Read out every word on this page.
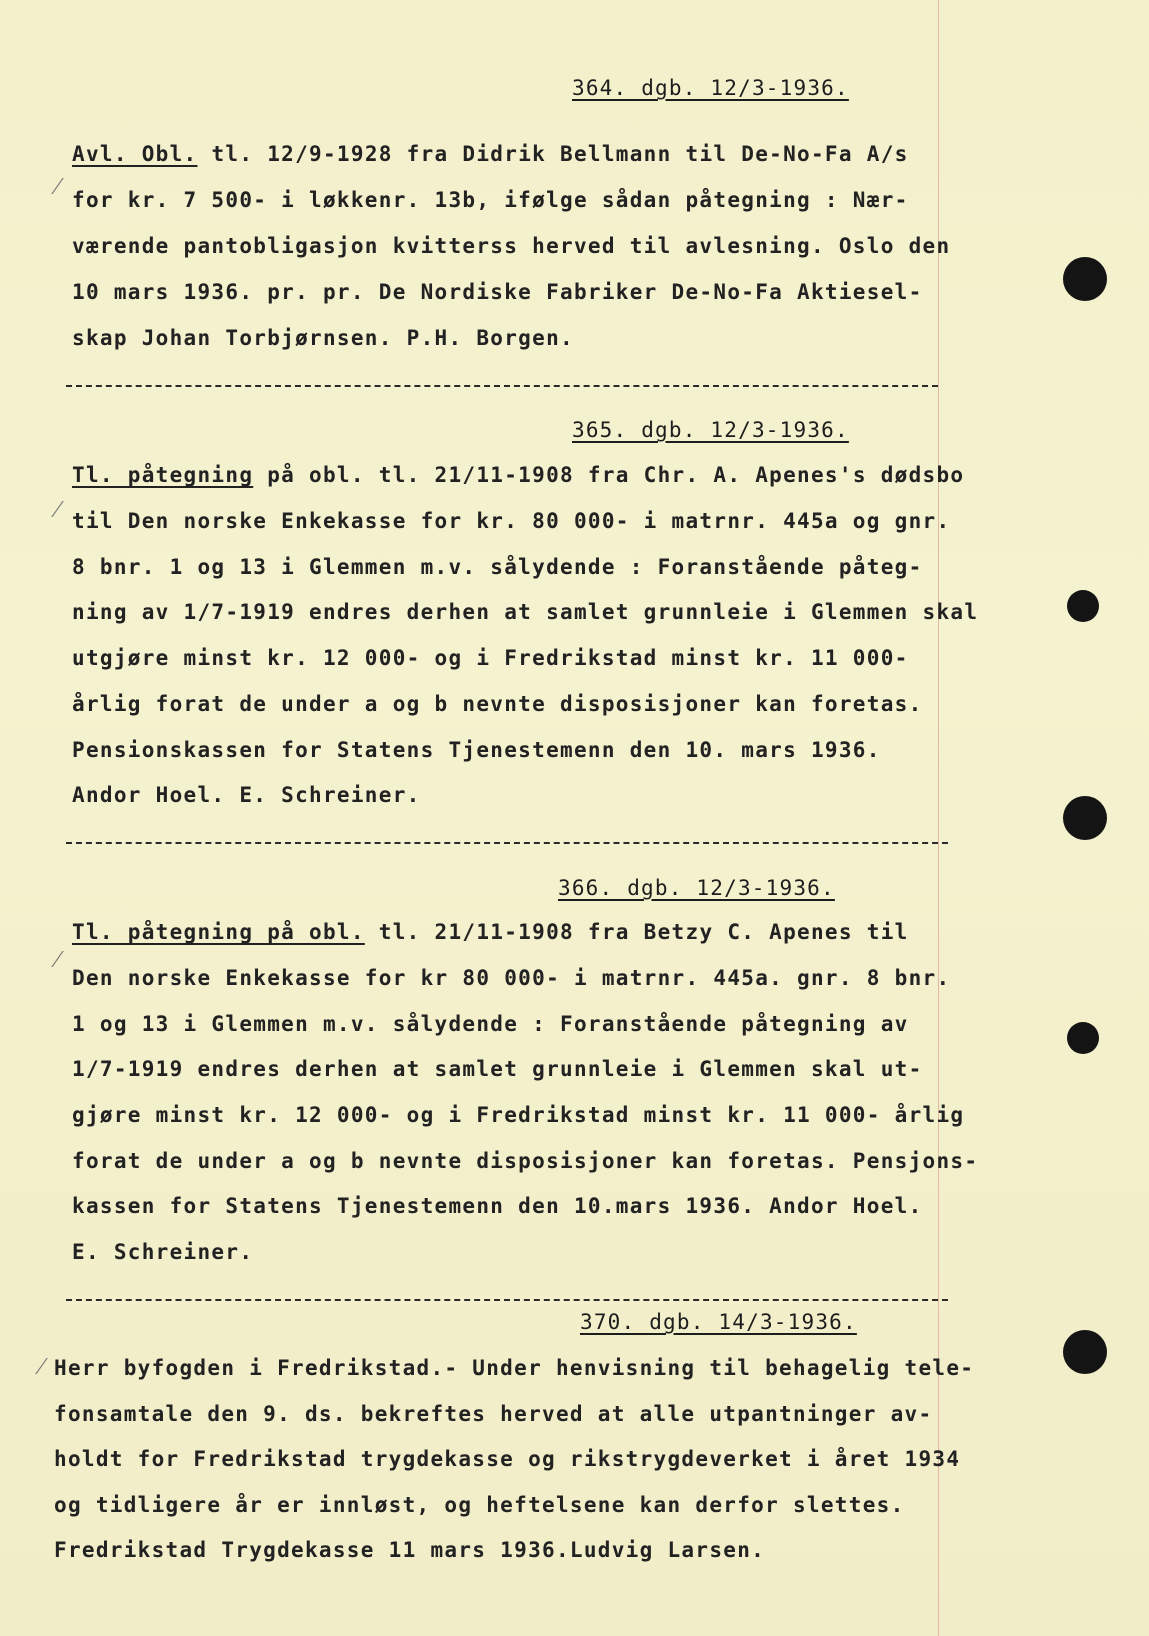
364. dgb. 12/3-1936.
⁄
Avl. Obl. tl. 12/9-1928 fra Didrik Bellmann til De-No-Fa A/s
for kr. 7 500- i løkkenr. 13b, ifølge sådan påtegning : Nær-
værende pantobligasjon kvitterss herved til avlesning. Oslo den
10 mars 1936. pr. pr. De Nordiske Fabriker De-No-Fa Aktiesel-
skap Johan Torbjørnsen. P.H. Borgen.
365. dgb. 12/3-1936.
⁄
Tl. påtegning på obl. tl. 21/11-1908 fra Chr. A. Apenes's dødsbo
til Den norske Enkekasse for kr. 80 000- i matrnr. 445a og gnr.
8 bnr. 1 og 13 i Glemmen m.v. sålydende : Foranstående påteg-
ning av 1/7-1919 endres derhen at samlet grunnleie i Glemmen skal
utgjøre minst kr. 12 000- og i Fredrikstad minst kr. 11 000-
årlig forat de under a og b nevnte disposisjoner kan foretas.
Pensionskassen for Statens Tjenestemenn den 10. mars 1936.
Andor Hoel. E. Schreiner.
366. dgb. 12/3-1936.
⁄
Tl. påtegning på obl. tl. 21/11-1908 fra Betzy C. Apenes til
Den norske Enkekasse for kr 80 000- i matrnr. 445a. gnr. 8 bnr.
1 og 13 i Glemmen m.v. sålydende : Foranstående påtegning av
1/7-1919 endres derhen at samlet grunnleie i Glemmen skal ut-
gjøre minst kr. 12 000- og i Fredrikstad minst kr. 11 000- årlig
forat de under a og b nevnte disposisjoner kan foretas. Pensjons-
kassen for Statens Tjenestemenn den 10.mars 1936. Andor Hoel.
E. Schreiner.
370. dgb. 14/3-1936.
⁄ Herr byfogden i Fredrikstad.- Under henvisning til behagelig tele-
fonsamtale den 9. ds. bekreftes herved at alle utpantninger av-
holdt for Fredrikstad trygdekasse og rikstrygdeverket i året 1934
og tidligere år er innløst, og heftelsene kan derfor slettes.
Fredrikstad Trygdekasse 11 mars 1936.Ludvig Larsen.
